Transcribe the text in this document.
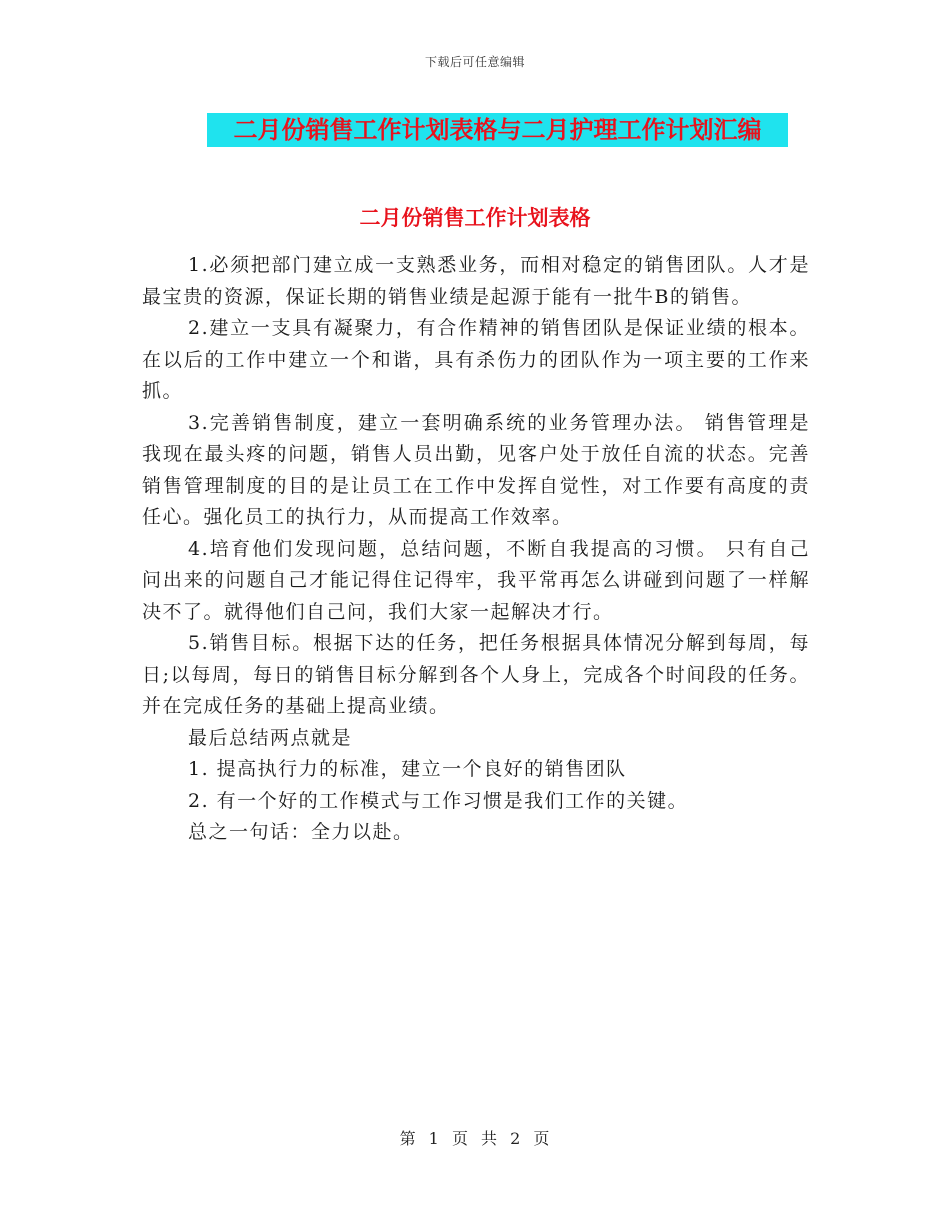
下载后可任意编辑
二月份销售工作计划表格与二月护理工作计划汇编
二月份销售工作计划表格

1.必须把部门建立成一支熟悉业务，而相对稳定的销售团队。人才是最宝贵的资源，保证长期的销售业绩是起源于能有一批牛B的销售。

2.建立一支具有凝聚力，有合作精神的销售团队是保证业绩的根本。在以后的工作中建立一个和谐，具有杀伤力的团队作为一项主要的工作来抓。

3.完善销售制度，建立一套明确系统的业务管理办法。 销售管理是我现在最头疼的问题，销售人员出勤，见客户处于放任自流的状态。完善销售管理制度的目的是让员工在工作中发挥自觉性，对工作要有高度的责任心。强化员工的执行力，从而提高工作效率。

4.培育他们发现问题，总结问题，不断自我提高的习惯。 只有自己问出来的问题自己才能记得住记得牢，我平常再怎么讲碰到问题了一样解决不了。就得他们自己问，我们大家一起解决才行。

5.销售目标。根据下达的任务，把任务根据具体情况分解到每周，每日;以每周，每日的销售目标分解到各个人身上，完成各个时间段的任务。并在完成任务的基础上提高业绩。

最后总结两点就是

1. 提高执行力的标准，建立一个良好的销售团队

2. 有一个好的工作模式与工作习惯是我们工作的关键。

总之一句话：全力以赴。

第 1 页 共 2 页
